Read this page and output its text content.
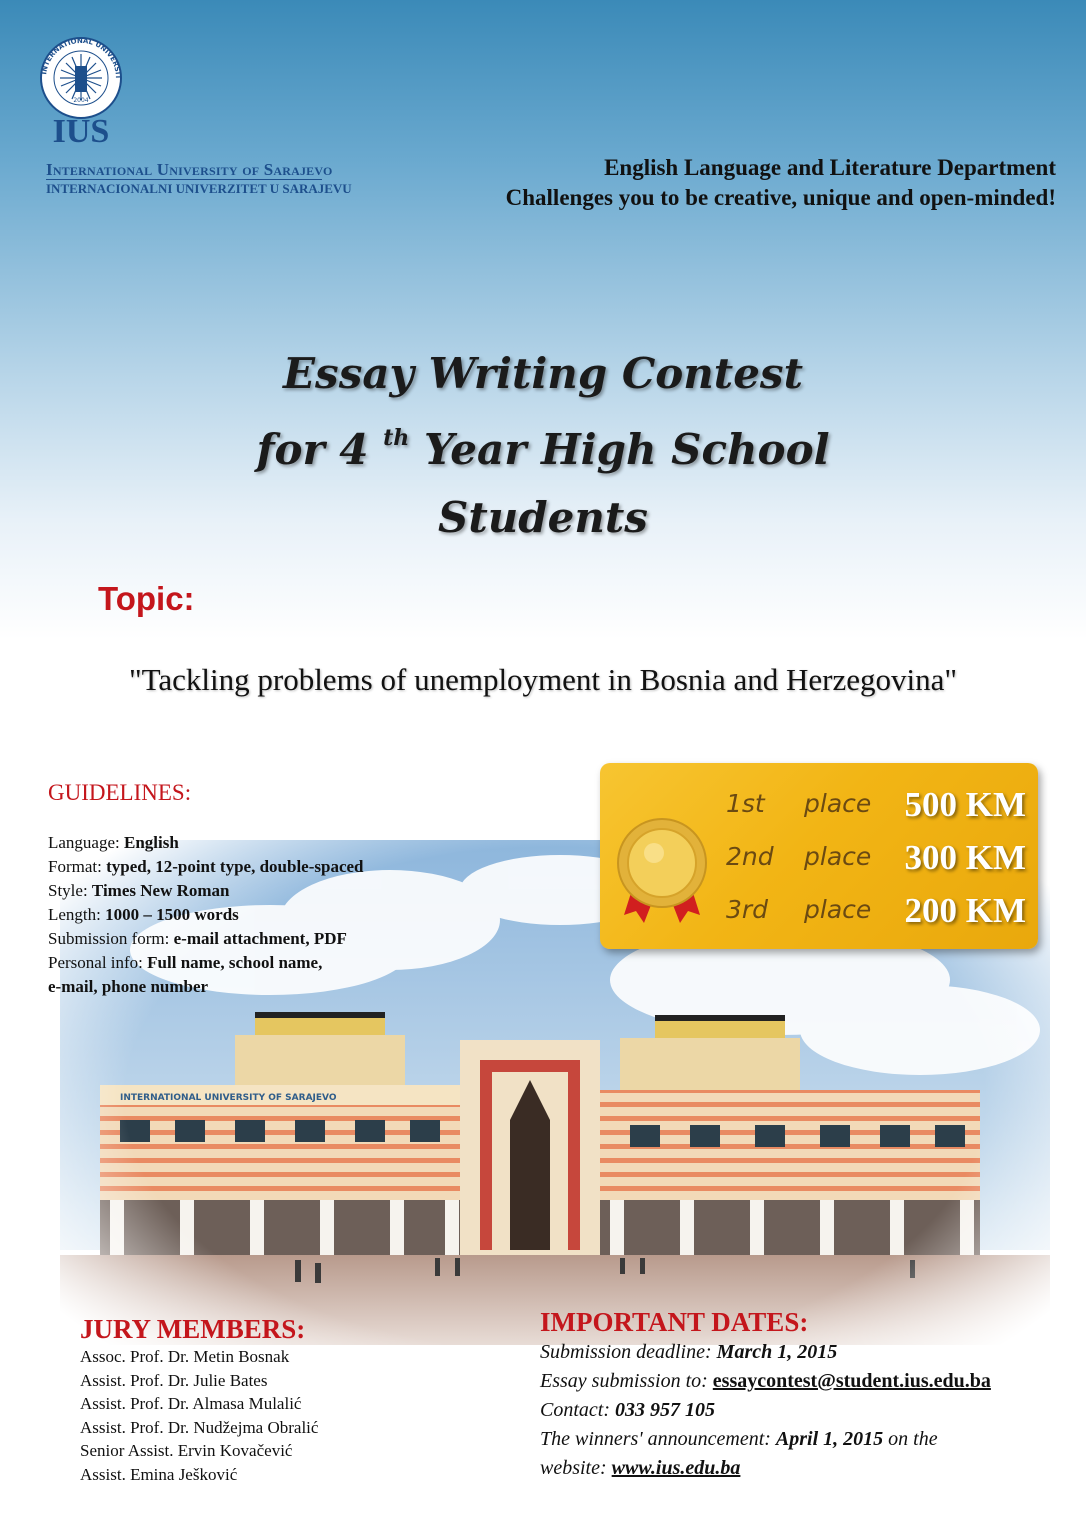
INTERNATIONAL UNIVERSIT
2004
IUS
International University of Sarajevo
INTERNACIONALNI UNIVERZITET U SARAJEVU
English Language and Literature Department
Challenges you to be creative, unique and open-minded!
Essay Writing Contest
for 4 $^{th}$ Year High School
Students
Topic:
"Tackling problems of unemployment in Bosnia and Herzegovina"
GUIDELINES:
Language: English
Format: typed, 12-point type, double-spaced
Style: Times New Roman
Length: 1000 – 1500 words
Submission form: e-mail attachment, PDF
Personal info: Full name, school name,
e-mail, phone number
1st place 500 KM
2nd place 300 KM
3rd place 200 KM
JURY MEMBERS:
Assoc. Prof. Dr. Metin Bosnak
Assist. Prof. Dr. Julie Bates
Assist. Prof. Dr. Almasa Mulalić
Assist. Prof. Dr. Nudžejma Obralić
Senior Assist. Ervin Kovačević
Assist. Emina Ješković
IMPORTANT DATES:
Submission deadline: March 1, 2015
Essay submission to: essaycontest@student.ius.edu.ba
Contact: 033 957 105
The winners' announcement: April 1, 2015 on the
website: www.ius.edu.ba
